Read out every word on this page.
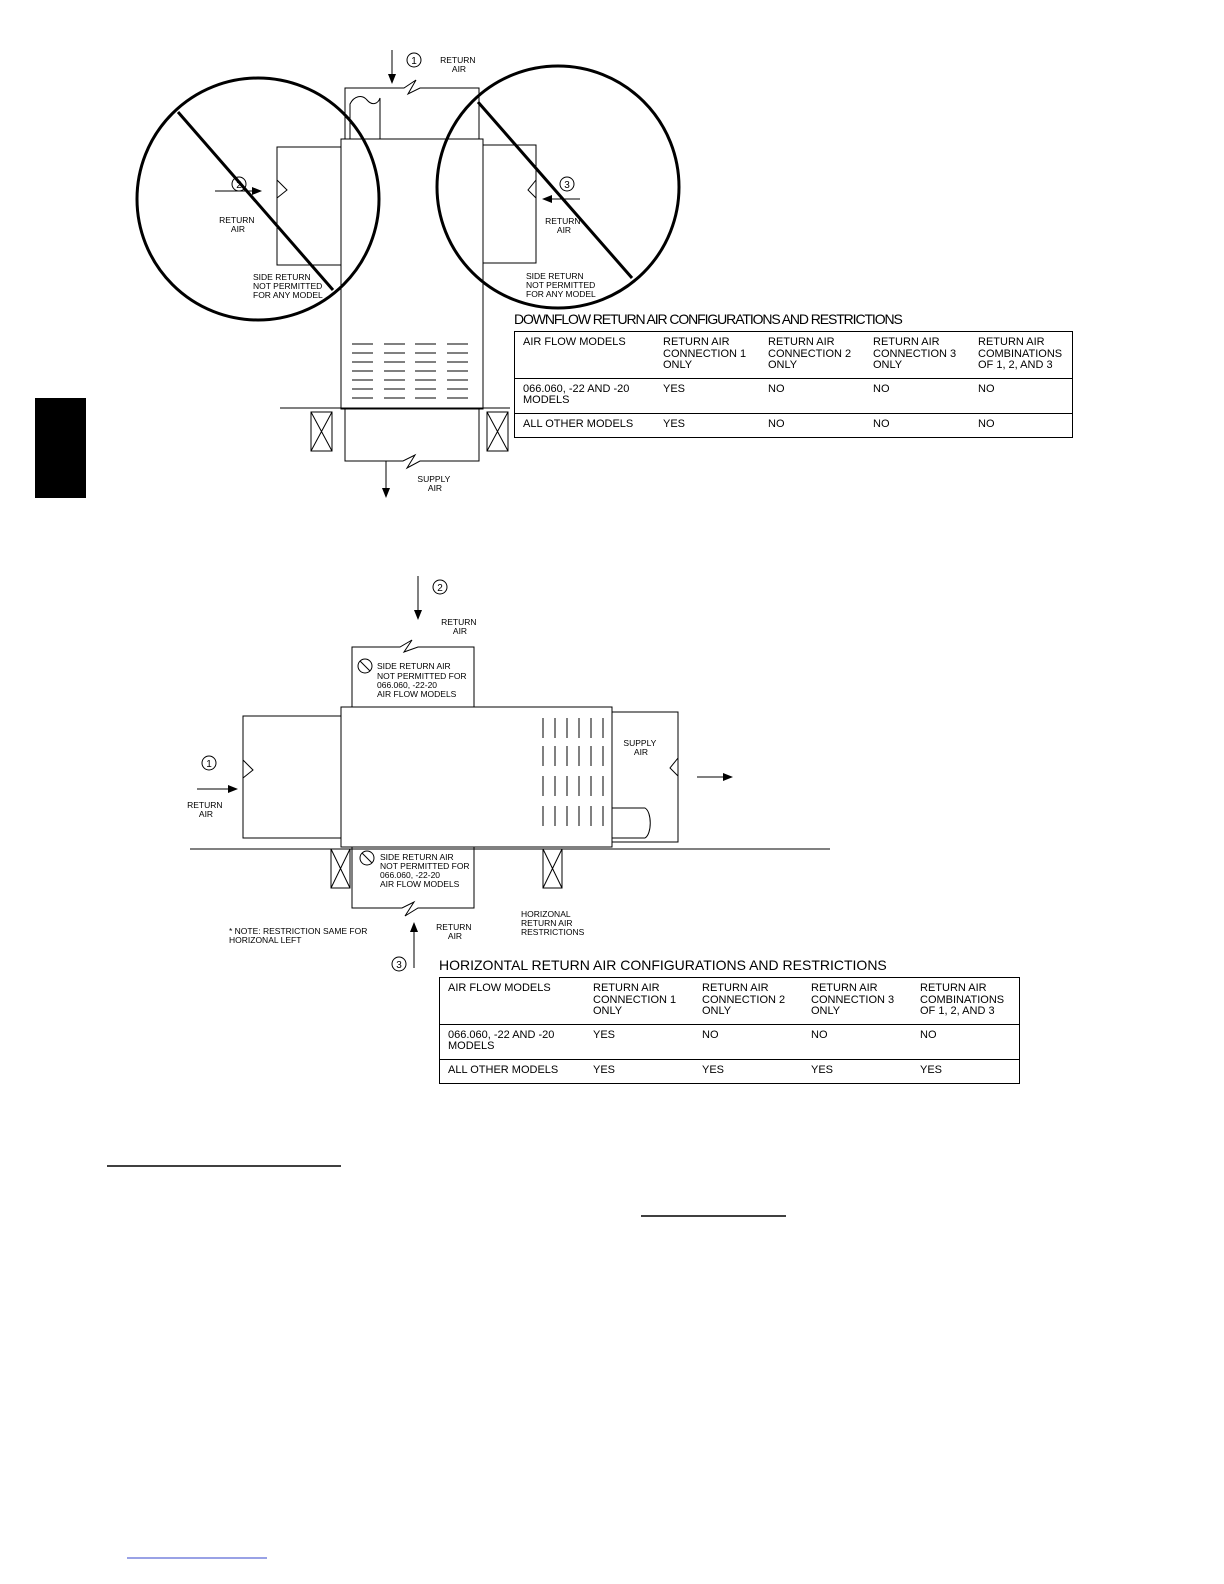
1
2	3
RETURN AIR
RETURN AIR
RETURN AIR
SIDE RETURN NOT PERMITTED FOR ANY MODEL
SIDE RETURN NOT PERMITTED FOR ANY MODEL
SUPPLY AIR
1
2
3
RETURN AIR
RETURN AIR
RETURN AIR
SUPPLY AIR
SIDE RETURN AIR NOT PERMITTED FOR 066.060, -22-20 AIR FLOW MODELS
SIDE RETURN AIR NOT PERMITTED FOR 066.060, -22-20 AIR FLOW MODELS
* NOTE: RESTRICTION SAME FOR HORIZONAL LEFT
HORIZONAL RETURN AIR RESTRICTIONS
DOWNFLOW RETURN AIR CONFIGURATIONS AND RESTRICTIONS
AIR FLOW MODELS	RETURN AIR CONNECTION 1 ONLY	RETURN AIR CONNECTION 2 ONLY	RETURN AIR CONNECTION 3 ONLY	RETURN AIR COMBINATIONS OF 1, 2, AND 3
066.060, -22 AND -20 MODELS	YES	NO	NO	NO
ALL OTHER MODELS	YES	NO	NO	NO
HORIZONTAL RETURN AIR CONFIGURATIONS AND RESTRICTIONS
AIR FLOW MODELS	RETURN AIR CONNECTION 1 ONLY	RETURN AIR CONNECTION 2 ONLY	RETURN AIR CONNECTION 3 ONLY	RETURN AIR COMBINATIONS OF 1, 2, AND 3
066.060, -22 AND -20 MODELS	YES	NO	NO	NO
ALL OTHER MODELS	YES	YES	YES	YES
